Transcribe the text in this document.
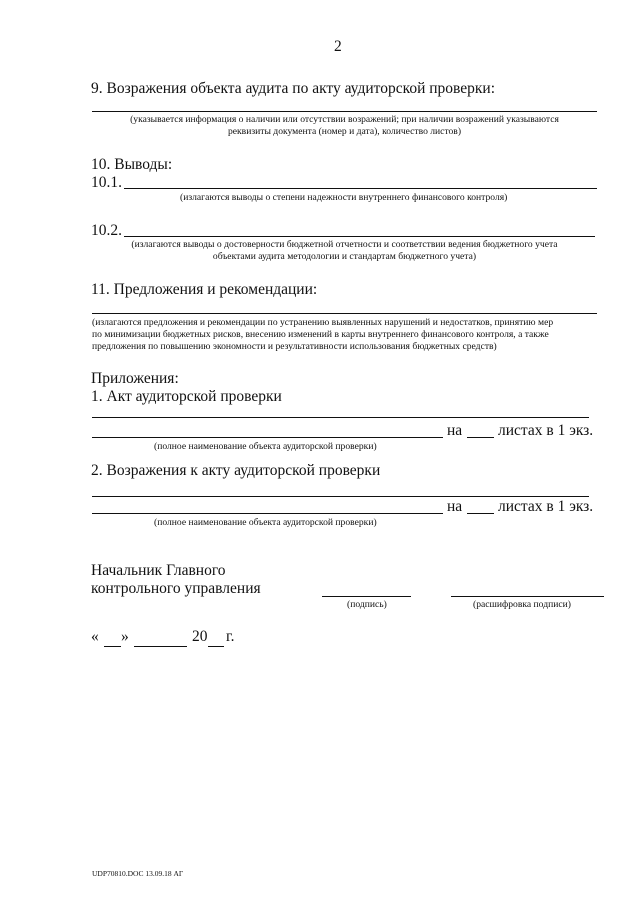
2
9. Возражения объекта аудита по акту аудиторской проверки:
(указывается информация о наличии или отсутствии возражений; при наличии возражений указываются
реквизиты документа (номер и дата), количество листов)
10. Выводы:
10.1.
(излагаются выводы о степени надежности внутреннего финансового контроля)
10.2.
(излагаются выводы о достоверности бюджетной отчетности и соответствии ведения бюджетного учета
объектами аудита методологии и стандартам бюджетного учета)
11. Предложения и рекомендации:
(излагаются предложения и рекомендации по устранению выявленных нарушений и недостатков, принятию мер
по минимизации бюджетных рисков, внесению изменений в карты внутреннего финансового контроля, а также
предложения по повышению экономности и результативности использования бюджетных средств)
Приложения:
1. Акт аудиторской проверки
на листах в 1 экз.
(полное наименование объекта аудиторской проверки)
2. Возражения к акту аудиторской проверки
на листах в 1 экз.
(полное наименование объекта аудиторской проверки)
Начальник Главного
контрольного управления
(подпись)	(расшифровка подписи)
« »	20 г.
UDP70810.DOC 13.09.18 АГ
